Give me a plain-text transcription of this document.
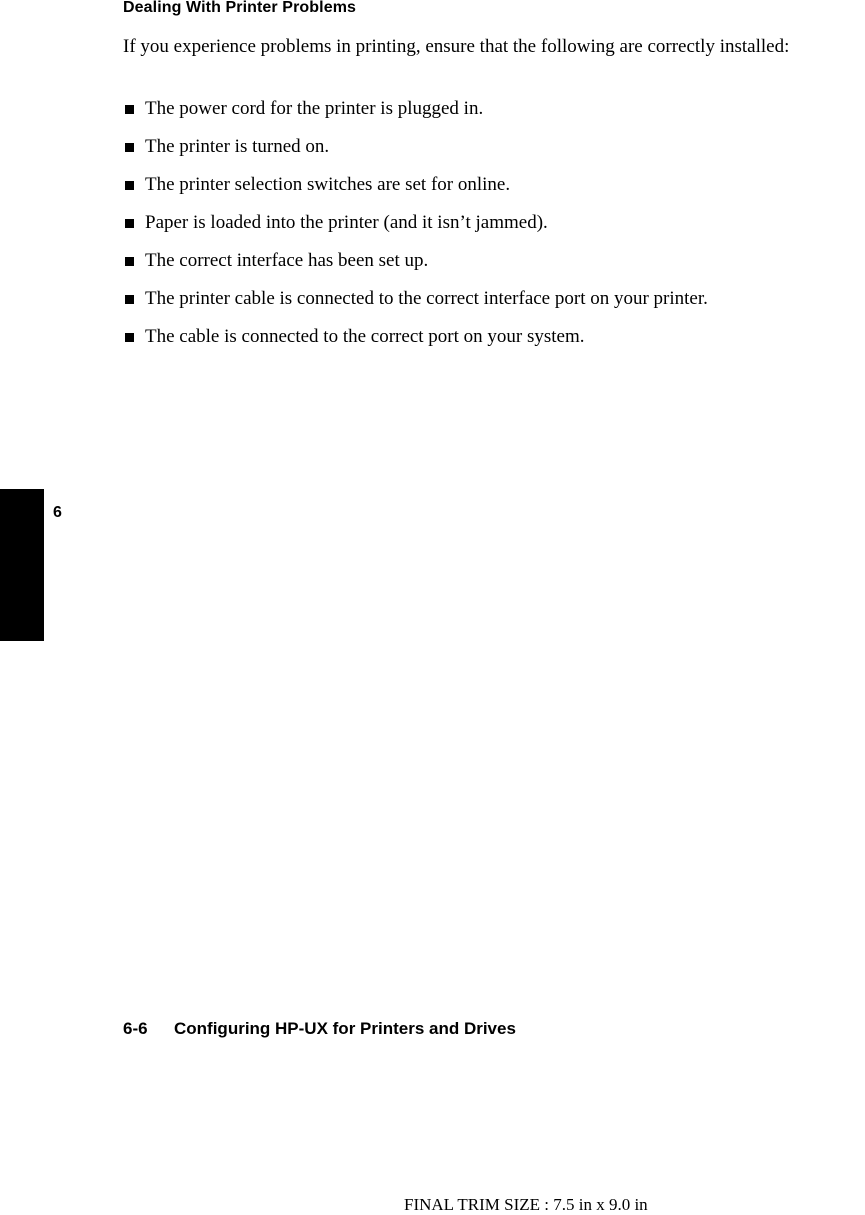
Dealing With Printer Problems

If you experience problems in printing, ensure that the following are correctly installed:

The power cord for the printer is plugged in.
The printer is turned on.
The printer selection switches are set for online.
Paper is loaded into the printer (and it isn’t jammed).
The correct interface has been set up.
The printer cable is connected to the correct interface port on your printer.
The cable is connected to the correct port on your system.
6
6-6 Configuring HP-UX for Printers and Drives
FINAL TRIM SIZE : 7.5 in x 9.0 in
